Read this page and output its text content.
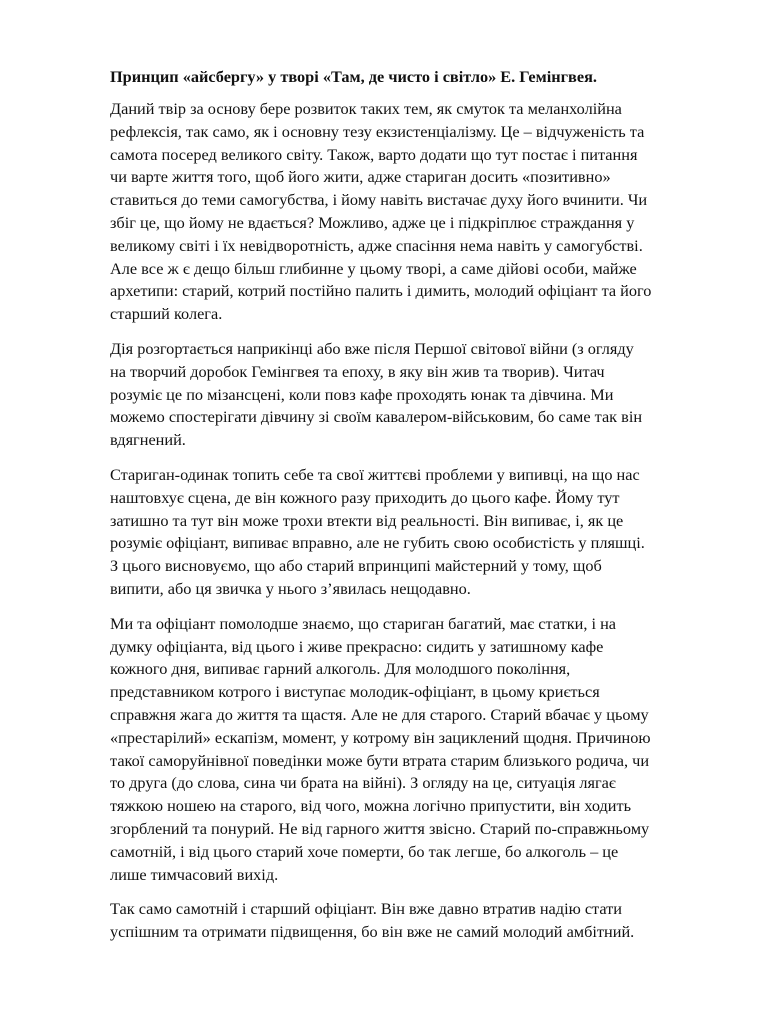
Принцип «айсбергу» у творі «Там, де чисто і світло» Е. Гемінгвея.
Даний твір за основу бере розвиток таких тем, як смуток та меланхолійна
рефлексія, так само, як і основну тезу екзистенціалізму. Це – відчуженість та
самота посеред великого світу. Також, варто додати що тут постає і питання
чи варте життя того, щоб його жити, адже стариган досить «позитивно»
ставиться до теми самогубства, і йому навіть вистачає духу його вчинити. Чи
збіг це, що йому не вдається? Можливо, адже це і підкріплює страждання у
великому світі і їх невідворотність, адже спасіння нема навіть у самогубстві.
Але все ж є дещо більш глибинне у цьому творі, а саме дійові особи, майже
архетипи: старий, котрий постійно палить і димить, молодий офіціант та його
старший колега.
Дія розгортається наприкінці або вже після Першої світової війни (з огляду
на творчий доробок Гемінгвея та епоху, в яку він жив та творив). Читач
розуміє це по мізансцені, коли повз кафе проходять юнак та дівчина. Ми
можемо спостерігати дівчину зі своїм кавалером-військовим, бо саме так він
вдягнений.
Стариган-одинак топить себе та свої життєві проблеми у випивці, на що нас
наштовхує сцена, де він кожного разу приходить до цього кафе. Йому тут
затишно та тут він може трохи втекти від реальності. Він випиває, і, як це
розуміє офіціант, випиває вправно, але не губить свою особистість у пляшці.
З цього висновуємо, що або старий впринципі майстерний у тому, щоб
випити, або ця звичка у нього з’явилась нещодавно.
Ми та офіціант помолодше знаємо, що стариган багатий, має статки, і на
думку офіціанта, від цього і живе прекрасно: сидить у затишному кафе
кожного дня, випиває гарний алкоголь. Для молодшого покоління,
представником котрого і виступає молодик-офіціант, в цьому криється
справжня жага до життя та щастя. Але не для старого. Старий вбачає у цьому
«престарілий» ескапізм, момент, у котрому він зациклений щодня. Причиною
такої саморуйнівної поведінки може бути втрата старим близького родича, чи
то друга (до слова, сина чи брата на війні). З огляду на це, ситуація лягає
тяжкою ношею на старого, від чого, можна логічно припустити, він ходить
згорблений та понурий. Не від гарного життя звісно. Старий по-справжньому
самотній, і від цього старий хоче померти, бо так легше, бо алкоголь – це
лише тимчасовий вихід.
Так само самотній і старший офіціант. Він вже давно втратив надію стати
успішним та отримати підвищення, бо він вже не самий молодий амбітний.
